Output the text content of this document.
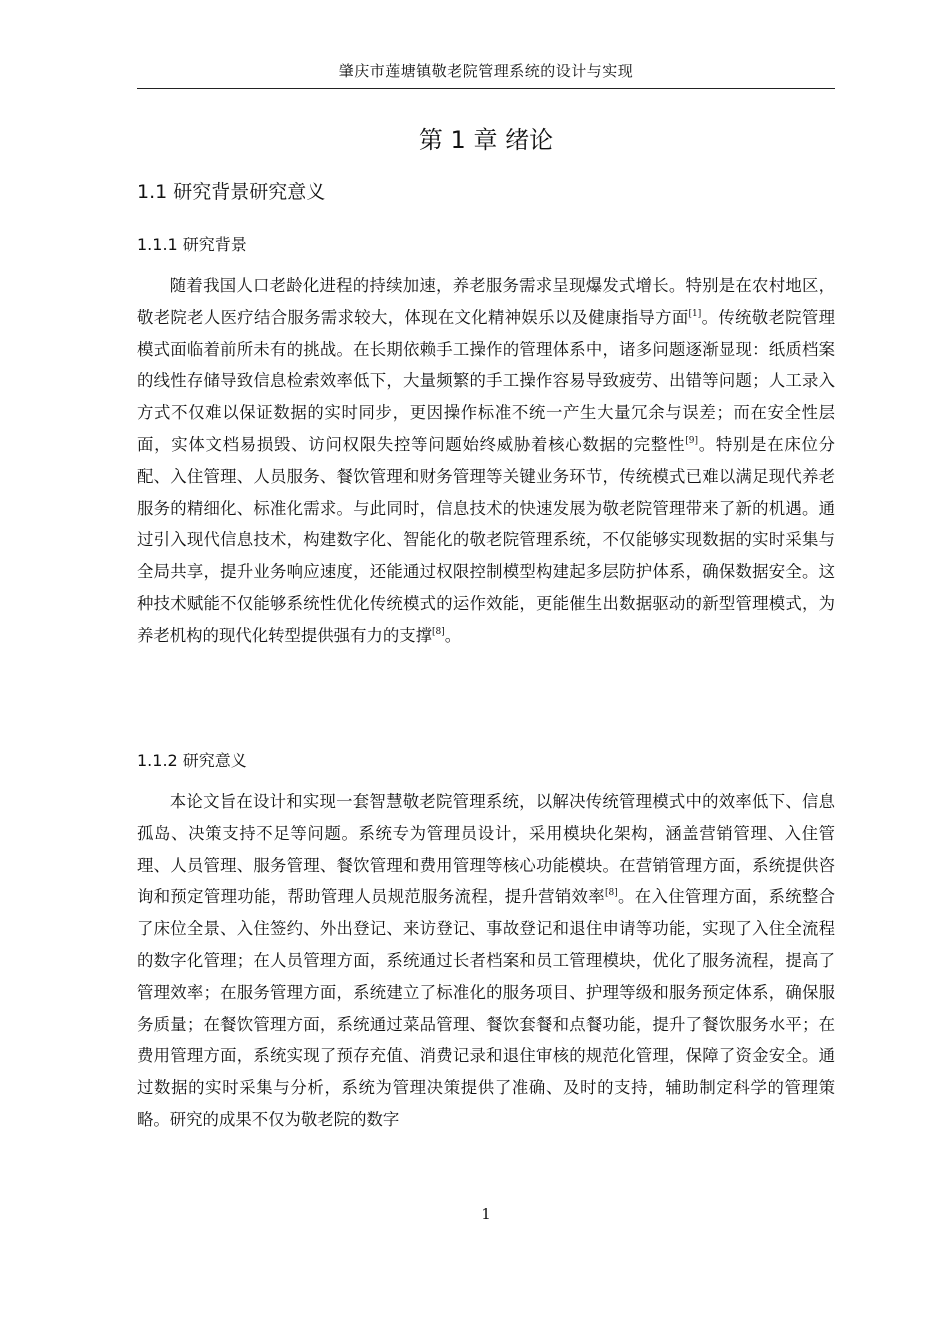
肇庆市莲塘镇敬老院管理系统的设计与实现
第 1 章 绪论
1.1 研究背景研究意义
1.1.1 研究背景

随着我国人口老龄化进程的持续加速，养老服务需求呈现爆发式增长。特别是在农村地区，敬老院老人医疗结合服务需求较大，体现在文化精神娱乐以及健康指导方面[1]。传统敬老院管理模式面临着前所未有的挑战。在长期依赖手工操作的管理体系中，诸多问题逐渐显现：纸质档案的线性存储导致信息检索效率低下，大量频繁的手工操作容易导致疲劳、出错等问题；人工录入方式不仅难以保证数据的实时同步，更因操作标准不统一产生大量冗余与误差；而在安全性层面，实体文档易损毁、访问权限失控等问题始终威胁着核心数据的完整性[9]。特别是在床位分配、入住管理、人员服务、餐饮管理和财务管理等关键业务环节，传统模式已难以满足现代养老服务的精细化、标准化需求。与此同时，信息技术的快速发展为敬老院管理带来了新的机遇。通过引入现代信息技术，构建数字化、智能化的敬老院管理系统，不仅能够实现数据的实时采集与全局共享，提升业务响应速度，还能通过权限控制模型构建起多层防护体系，确保数据安全。这种技术赋能不仅能够系统性优化传统模式的运作效能，更能催生出数据驱动的新型管理模式，为养老机构的现代化转型提供强有力的支撑[8]。

1.1.2 研究意义

本论文旨在设计和实现一套智慧敬老院管理系统，以解决传统管理模式中的效率低下、信息孤岛、决策支持不足等问题。系统专为管理员设计，采用模块化架构，涵盖营销管理、入住管理、人员管理、服务管理、餐饮管理和费用管理等核心功能模块。在营销管理方面，系统提供咨询和预定管理功能，帮助管理人员规范服务流程，提升营销效率[8]。在入住管理方面，系统整合了床位全景、入住签约、外出登记、来访登记、事故登记和退住申请等功能，实现了入住全流程的数字化管理；在人员管理方面，系统通过长者档案和员工管理模块，优化了服务流程，提高了管理效率；在服务管理方面，系统建立了标准化的服务项目、护理等级和服务预定体系，确保服务质量；在餐饮管理方面，系统通过菜品管理、餐饮套餐和点餐功能，提升了餐饮服务水平；在费用管理方面，系统实现了预存充值、消费记录和退住审核的规范化管理，保障了资金安全。通过数据的实时采集与分析，系统为管理决策提供了准确、及时的支持，辅助制定科学的管理策略。研究的成果不仅为敬老院的数字

1
